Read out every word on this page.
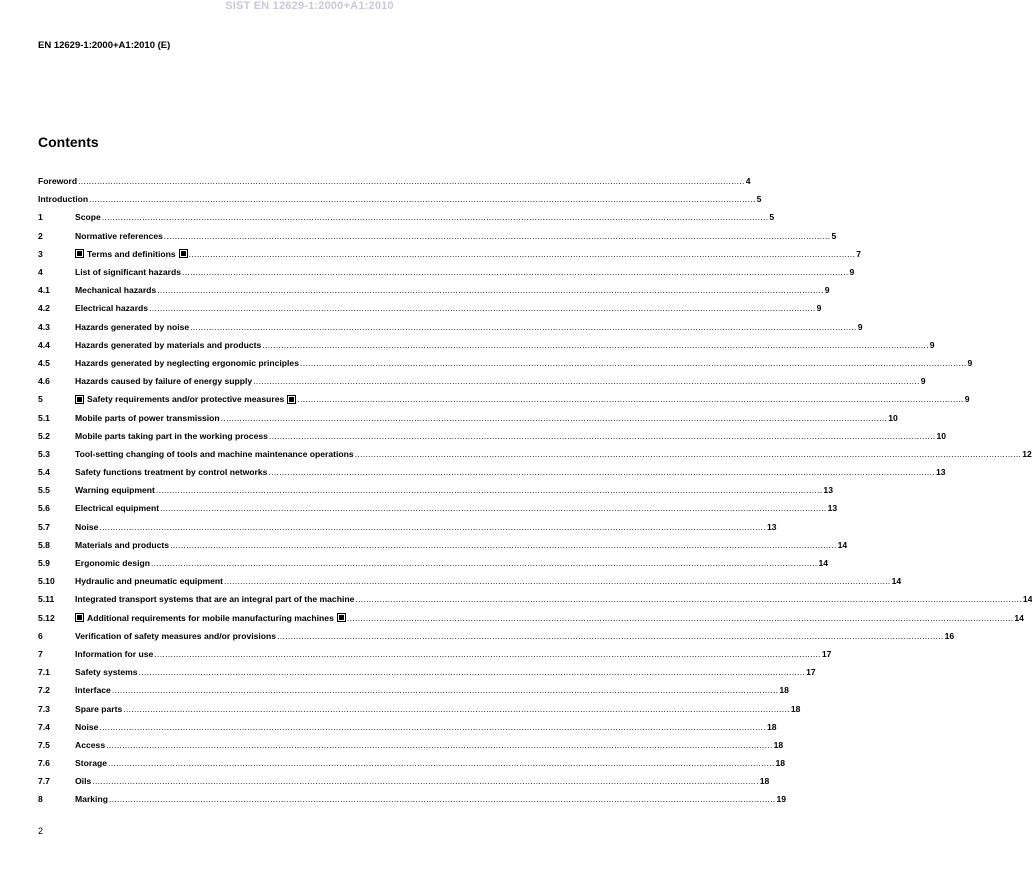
SIST EN 12629-1:2000+A1:2010
EN 12629-1:2000+A1:2010 (E)
Contents
Foreword .....	4
Introduction .....	5
1	Scope .....	5
2	Normative references .....	5
3	Terms and definitions .....	7
4	List of significant hazards .....	9
4.1	Mechanical hazards .....	9
4.2	Electrical hazards .....	9
4.3	Hazards generated by noise .....	9
4.4	Hazards generated by materials and products .....	9
4.5	Hazards generated by neglecting ergonomic principles .....	9
4.6	Hazards caused by failure of energy supply .....	9
5	Safety requirements and/or protective measures .....	9
5.1	Mobile parts of power transmission .....	10
5.2	Mobile parts taking part in the working process .....	10
5.3	Tool-setting changing of tools and machine maintenance operations .....	12
5.4	Safety functions treatment by control networks .....	13
5.5	Warning equipment .....	13
5.6	Electrical equipment .....	13
5.7	Noise .....	13
5.8	Materials and products .....	14
5.9	Ergonomic design .....	14
5.10	Hydraulic and pneumatic equipment .....	14
5.11	Integrated transport systems that are an integral part of the machine .....	14
5.12	Additional requirements for mobile manufacturing machines .....	14
6	Verification of safety measures and/or provisions .....	16
7	Information for use .....	17
7.1	Safety systems .....	17
7.2	Interface .....	18
7.3	Spare parts .....	18
7.4	Noise .....	18
7.5	Access .....	18
7.6	Storage .....	18
7.7	Oils .....	18
8	Marking .....	19
2
